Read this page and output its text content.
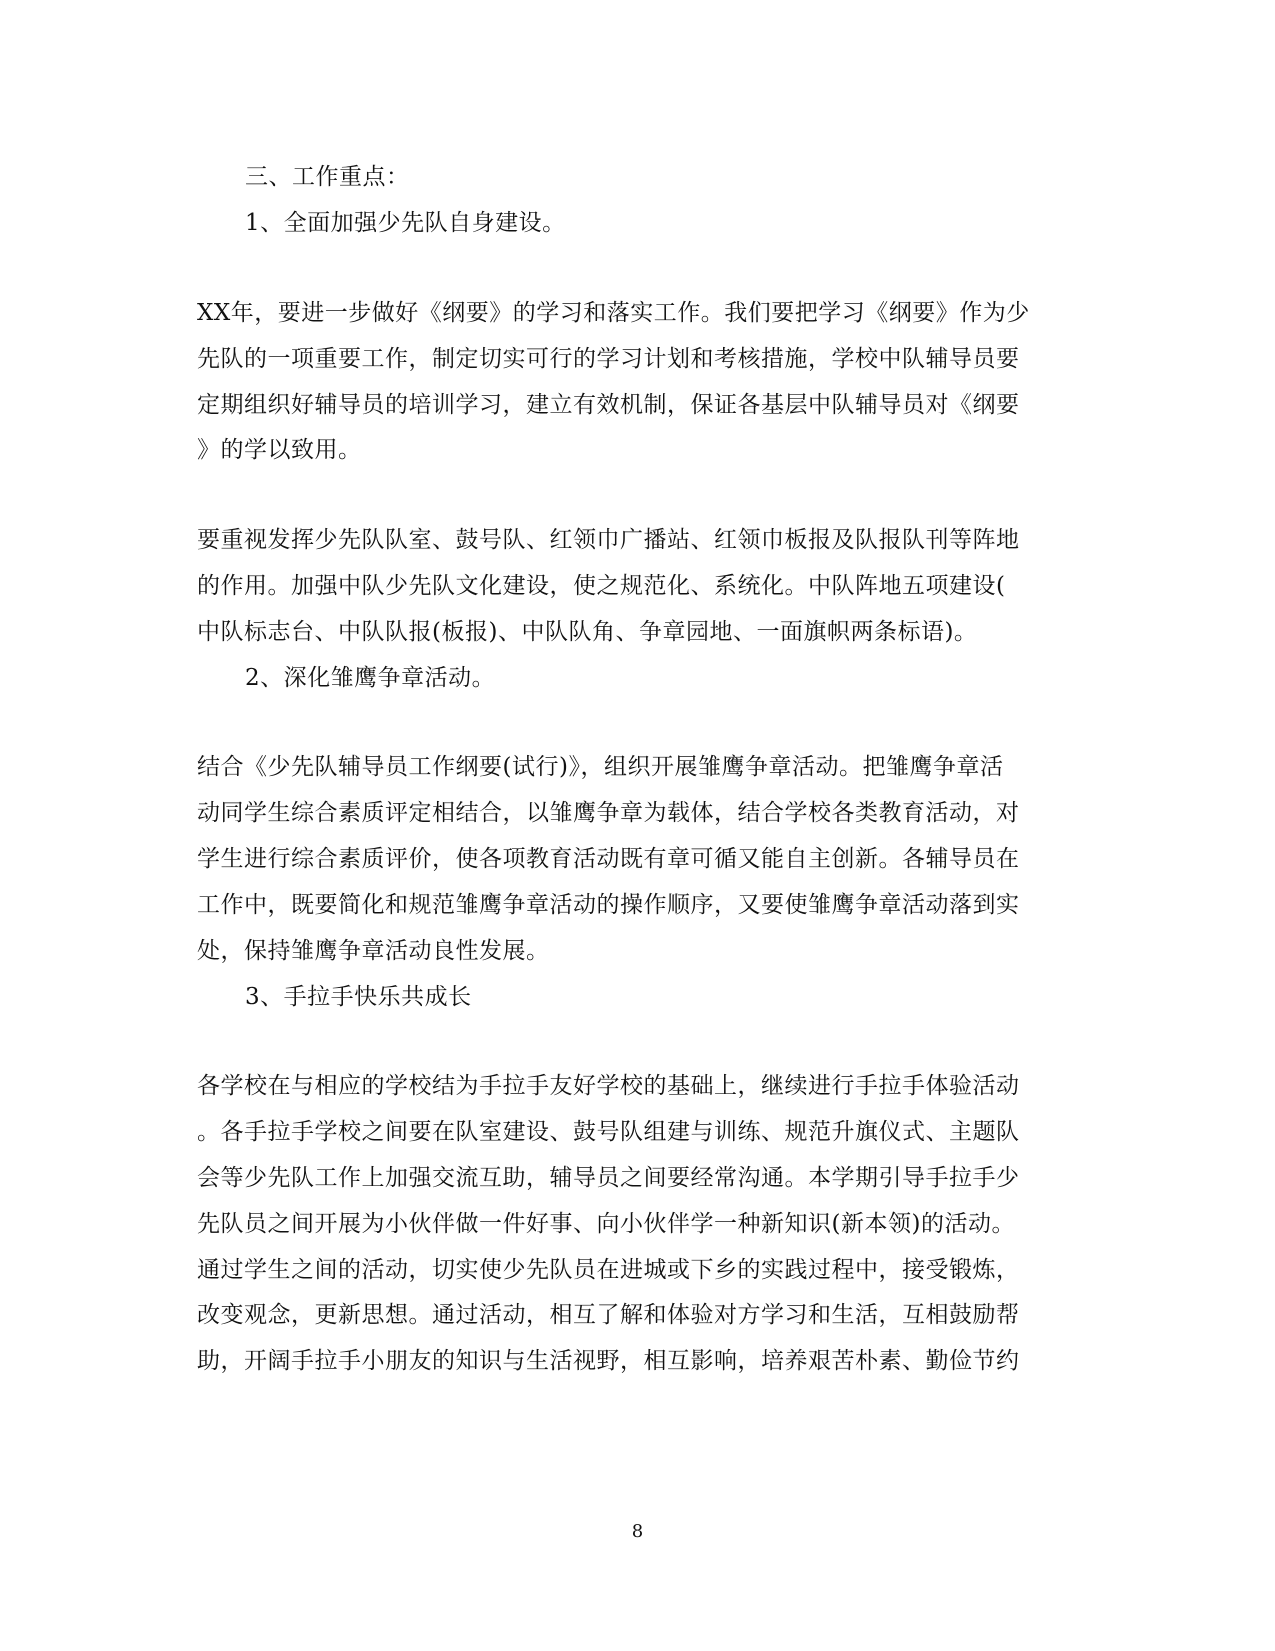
三、工作重点：
1、全面加强少先队自身建设。
XX年，要进一步做好《纲要》的学习和落实工作。我们要把学习《纲要》作为少
先队的一项重要工作，制定切实可行的学习计划和考核措施，学校中队辅导员要
定期组织好辅导员的培训学习，建立有效机制，保证各基层中队辅导员对《纲要
》的学以致用。
要重视发挥少先队队室、鼓号队、红领巾广播站、红领巾板报及队报队刊等阵地
的作用。加强中队少先队文化建设，使之规范化、系统化。中队阵地五项建设(
中队标志台、中队队报(板报)、中队队角、争章园地、一面旗帜两条标语)。
2、深化雏鹰争章活动。
结合《少先队辅导员工作纲要(试行)》，组织开展雏鹰争章活动。把雏鹰争章活
动同学生综合素质评定相结合，以雏鹰争章为载体，结合学校各类教育活动，对
学生进行综合素质评价，使各项教育活动既有章可循又能自主创新。各辅导员在
工作中，既要简化和规范雏鹰争章活动的操作顺序，又要使雏鹰争章活动落到实
处，保持雏鹰争章活动良性发展。
3、手拉手快乐共成长
各学校在与相应的学校结为手拉手友好学校的基础上，继续进行手拉手体验活动
。各手拉手学校之间要在队室建设、鼓号队组建与训练、规范升旗仪式、主题队
会等少先队工作上加强交流互助，辅导员之间要经常沟通。本学期引导手拉手少
先队员之间开展为小伙伴做一件好事、向小伙伴学一种新知识(新本领)的活动。
通过学生之间的活动，切实使少先队员在进城或下乡的实践过程中，接受锻炼，
改变观念，更新思想。通过活动，相互了解和体验对方学习和生活，互相鼓励帮
助，开阔手拉手小朋友的知识与生活视野，相互影响，培养艰苦朴素、勤俭节约
8
